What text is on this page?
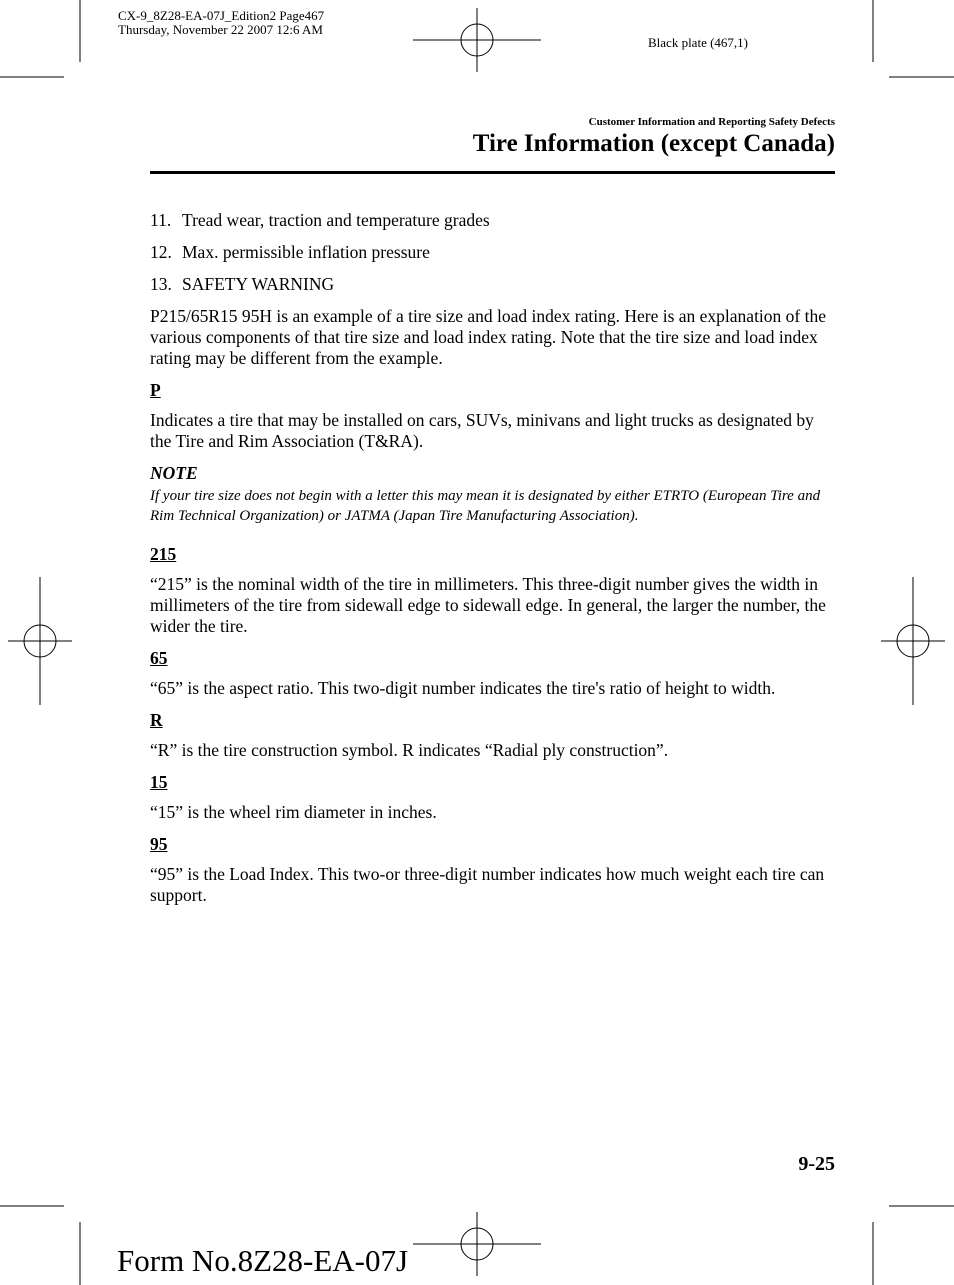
CX-9_8Z28-EA-07J_Edition2 Page467
Thursday, November 22 2007 12:6 AM
Black plate (467,1)
Customer Information and Reporting Safety Defects
Tire Information (except Canada)
11. Tread wear, traction and temperature grades
12. Max. permissible inflation pressure
13. SAFETY WARNING
P215/65R15 95H is an example of a tire size and load index rating. Here is an explanation of the various components of that tire size and load index rating. Note that the tire size and load index rating may be different from the example.
P
Indicates a tire that may be installed on cars, SUVs, minivans and light trucks as designated by the Tire and Rim Association (T&RA).
NOTE
If your tire size does not begin with a letter this may mean it is designated by either ETRTO (European Tire and Rim Technical Organization) or JATMA (Japan Tire Manufacturing Association).
215
“215” is the nominal width of the tire in millimeters. This three-digit number gives the width in millimeters of the tire from sidewall edge to sidewall edge. In general, the larger the number, the wider the tire.
65
“65” is the aspect ratio. This two-digit number indicates the tire's ratio of height to width.
R
“R” is the tire construction symbol. R indicates “Radial ply construction”.
15
“15” is the wheel rim diameter in inches.
95
“95” is the Load Index. This two-or three-digit number indicates how much weight each tire can support.
9-25
Form No.8Z28-EA-07J
